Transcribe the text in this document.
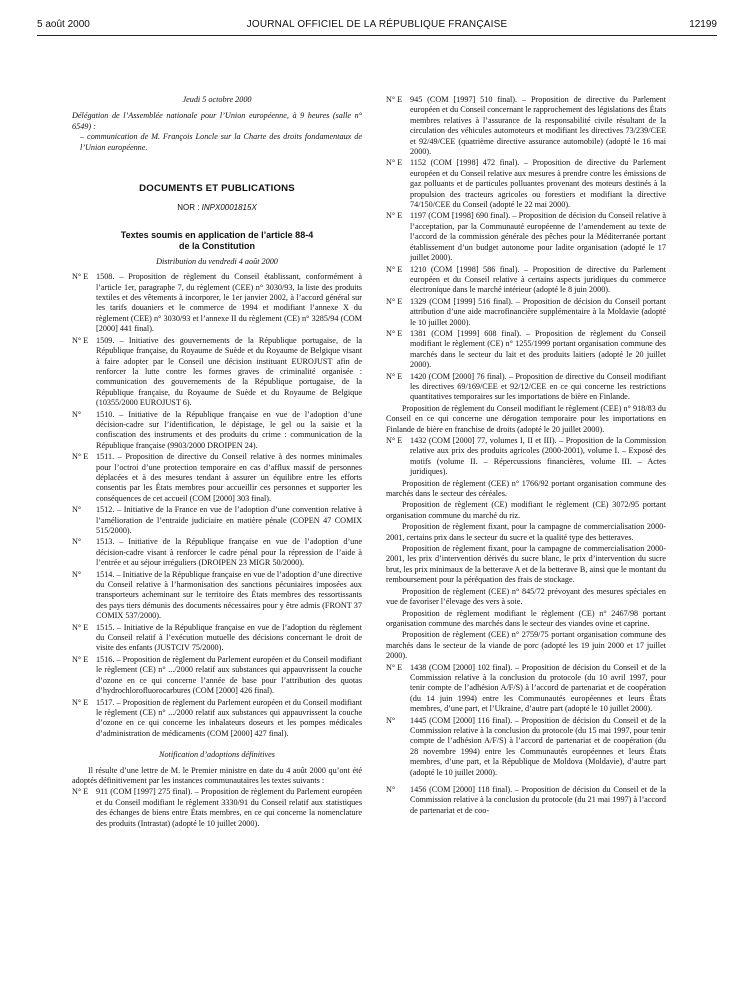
5 août 2000	JOURNAL OFFICIEL DE LA RÉPUBLIQUE FRANÇAISE	12199

Jeudi 5 octobre 2000

Délégation de l’Assemblée nationale pour l’Union européenne, à 9 heures (salle n° 6549) :

– communication de M. François Loncle sur la Charte des droits fondamentaux de l’Union européenne.

DOCUMENTS ET PUBLICATIONS
NOR : INPX0001815X
Textes soumis en application de l’article 88-4
de la Constitution

Distribution du vendredi 4 août 2000

N° E 1508. – Proposition de règlement du Conseil établissant, conformément à l’article 1er, paragraphe 7, du règlement (CEE) n° 3030/93, la liste des produits textiles et des vêtements à incorporer, le 1er janvier 2002, à l’accord général sur les tarifs douaniers et le commerce de 1994 et modifiant l’annexe X du règlement (CEE) n° 3030/93 et l’annexe II du règlement (CE) n° 3285/94 (COM [2000] 441 final).

N° E 1509. – Initiative des gouvernements de la République portugaise, de la République française, du Royaume de Suède et du Royaume de Belgique visant à faire adopter par le Conseil une décision instituant EUROJUST afin de renforcer la lutte contre les formes graves de criminalité organisée : communication des gouvernements de la République portugaise, de la République française, du Royaume de Suède et du Royaume de Belgique (10355/2000 EUROJUST 6).

N° 1510. – Initiative de la République française en vue de l’adoption d’une décision-cadre sur l’identification, le dépistage, le gel ou la saisie et la confiscation des instruments et des produits du crime : communication de la République française (9903/2000 DROIPEN 24).

N° E 1511. – Proposition de directive du Conseil relative à des normes minimales pour l’octroi d’une protection temporaire en cas d’afflux massif de personnes déplacées et à des mesures tendant à assurer un équilibre entre les efforts consentis par les États membres pour accueillir ces personnes et supporter les conséquences de cet accueil (COM [2000] 303 final).

N° 1512. – Initiative de la France en vue de l’adoption d’une convention relative à l’amélioration de l’entraide judiciaire en matière pénale (COPEN 47 COMIX 515/2000).

N° 1513. – Initiative de la République française en vue de l’adoption d’une décision-cadre visant à renforcer le cadre pénal pour la répression de l’aide à l’entrée et au séjour irréguliers (DROIPEN 23 MIGR 50/2000).

N° 1514. – Initiative de la République française en vue de l’adoption d’une directive du Conseil relative à l’harmonisation des sanctions pécuniaires imposées aux transporteurs acheminant sur le territoire des États membres des ressortissants des pays tiers démunis des documents nécessaires pour y être admis (FRONT 37 COMIX 537/2000).

N° E 1515. – Initiative de la République française en vue de l’adoption du règlement du Conseil relatif à l’exécution mutuelle des décisions concernant le droit de visite des enfants (JUSTCIV 75/2000).

N° E 1516. – Proposition de règlement du Parlement européen et du Conseil modifiant le règlement (CE) n° .../2000 relatif aux substances qui appauvrissent la couche d’ozone en ce qui concerne l’année de base pour l’attribution des quotas d’hydrochlorofluorocarbures (COM [2000] 426 final).

N° E 1517. – Proposition de règlement du Parlement européen et du Conseil modifiant le règlement (CE) n° .../2000 relatif aux substances qui appauvrissent la couche d’ozone en ce qui concerne les inhalateurs doseurs et les pompes médicales d’administration de médicaments (COM [2000] 427 final).

Notification d’adoptions définitives

Il résulte d’une lettre de M. le Premier ministre en date du 4 août 2000 qu’ont été adoptés définitivement par les instances communautaires les textes suivants :

N° E 911 (COM [1997] 275 final). – Proposition de règlement du Parlement européen et du Conseil modifiant le règlement 3330/91 du Conseil relatif aux statistiques des échanges de biens entre États membres, en ce qui concerne la nomenclature des produits (Intrastat) (adopté le 10 juillet 2000).

N° E 945 (COM [1997] 510 final). – Proposition de directive du Parlement européen et du Conseil concernant le rapprochement des législations des États membres relatives à l’assurance de la responsabilité civile résultant de la circulation des véhicules automoteurs et modifiant les directives 73/239/CEE et 92/49/CEE (quatrième directive assurance automobile) (adopté le 16 mai 2000).

N° E 1152 (COM [1998] 472 final). – Proposition de directive du Parlement européen et du Conseil relative aux mesures à prendre contre les émissions de gaz polluants et de particules polluantes provenant des moteurs destinés à la propulsion des tracteurs agricoles ou forestiers et modifiant la directive 74/150/CEE du Conseil (adopté le 22 mai 2000).

N° E 1197 (COM [1998] 690 final). – Proposition de décision du Conseil relative à l’acceptation, par la Communauté européenne de l’amendement au texte de l’accord de la commission générale des pêches pour la Méditerranée portant établissement d’un budget autonome pour ladite organisation (adopté le 17 juillet 2000).

N° E 1210 (COM [1998] 586 final). – Proposition de directive du Parlement européen et du Conseil relative à certains aspects juridiques du commerce électronique dans le marché intérieur (adopté le 8 juin 2000).

N° E 1329 (COM [1999] 516 final). – Proposition de décision du Conseil portant attribution d’une aide macrofinancière supplémentaire à la Moldavie (adopté le 10 juillet 2000).

N° E 1381 (COM [1999] 608 final). – Proposition de règlement du Conseil modifiant le règlement (CE) n° 1255/1999 portant organisation commune des marchés dans le secteur du lait et des produits laitiers (adopté le 20 juillet 2000).

N° E 1420 (COM [2000] 76 final). – Proposition de directive du Conseil modifiant les directives 69/169/CEE et 92/12/CEE en ce qui concerne les restrictions quantitatives temporaires sur les importations de bière en Finlande.

Proposition de règlement du Conseil modifiant le règlement (CEE) n° 918/83 du Conseil en ce qui concerne une dérogation temporaire pour les importations en Finlande de bière en franchise de droits (adopté le 20 juillet 2000).

N° E 1432 (COM [2000] 77, volumes I, II et III). – Proposition de la Commission relative aux prix des produits agricoles (2000-2001), volume I. – Exposé des motifs (volume II. – Répercussions financières, volume III. – Actes juridiques).

Proposition de règlement (CEE) n° 1766/92 portant organisation commune des marchés dans le secteur des céréales.

Proposition de règlement (CE) modifiant le règlement (CE) 3072/95 portant organisation commune du marché du riz.

Proposition de règlement fixant, pour la campagne de commercialisation 2000-2001, certains prix dans le secteur du sucre et la qualité type des betteraves.

Proposition de règlement fixant, pour la campagne de commercialisation 2000-2001, les prix d’intervention dérivés du sucre blanc, le prix d’intervention du sucre brut, les prix minimaux de la betterave A et de la betterave B, ainsi que le montant du remboursement pour la péréquation des frais de stockage.

Proposition de règlement (CEE) n° 845/72 prévoyant des mesures spéciales en vue de favoriser l’élevage des vers à soie.

Proposition de règlement modifiant le règlement (CE) n° 2467/98 portant organisation commune des marchés dans le secteur des viandes ovine et caprine.

Proposition de règlement (CEE) n° 2759/75 portant organisation commune des marchés dans le secteur de la viande de porc (adopté les 19 juin 2000 et 17 juillet 2000).

N° E 1438 (COM [2000] 102 final). – Proposition de décision du Conseil et de la Commission relative à la conclusion du protocole (du 10 avril 1997, pour tenir compte de l’adhésion A/F/S) à l’accord de partenariat et de coopération (du 14 juin 1994) entre les Communautés européennes et leurs États membres, d’une part, et l’Ukraine, d’autre part (adopté le 10 juillet 2000).

N° 1445 (COM [2000] 116 final). – Proposition de décision du Conseil et de la Commission relative à la conclusion du protocole (du 15 mai 1997, pour tenir compte de l’adhésion A/F/S) à l’accord de partenariat et de coopération (du 28 novembre 1994) entre les Communautés européennes et leurs États membres, d’une part, et la République de Moldova (Moldavie), d’autre part (adopté le 10 juillet 2000).

N° 1456 (COM [2000] 118 final). – Proposition de décision du Conseil et de la Commission relative à la conclusion du protocole (du 21 mai 1997) à l’accord de partenariat et de coo-
